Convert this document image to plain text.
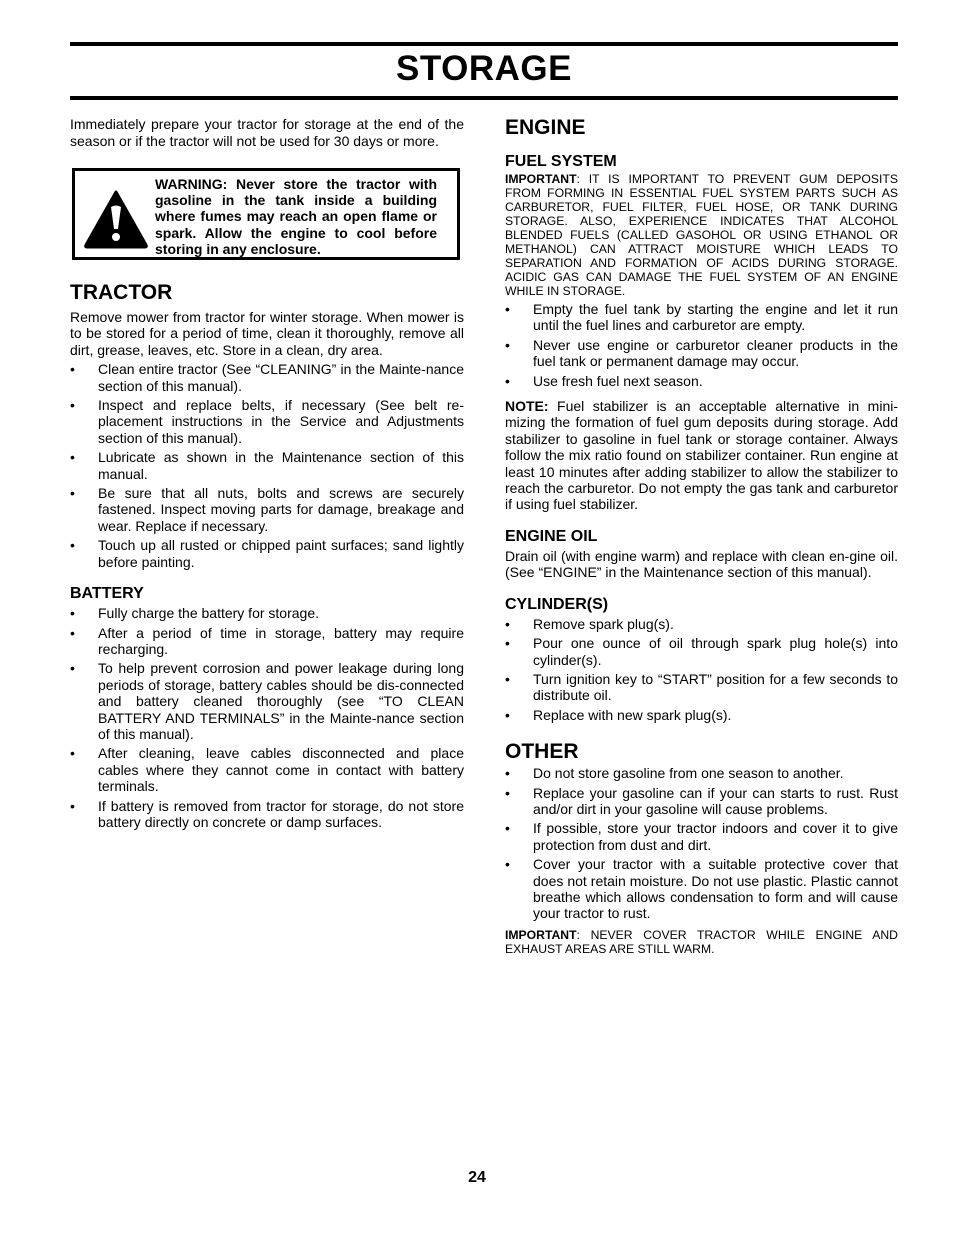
STORAGE

Immediately prepare your tractor for storage at the end of the season or if the tractor will not be used for 30 days or more.

WARNING: Never store the tractor with gasoline in the tank inside a building where fumes may reach an open flame or spark. Allow the engine to cool before storing in any enclosure.
TRACTOR

Remove mower from tractor for winter storage. When mower is to be stored for a period of time, clean it thoroughly, remove all dirt, grease, leaves, etc. Store in a clean, dry area.

•	Clean entire tractor (See “CLEANING” in the Mainte-nance section of this manual).
•	Inspect and replace belts, if necessary (See belt re-placement instructions in the Service and Adjustments section of this manual).
•	Lubricate as shown in the Maintenance section of this manual.
•	Be sure that all nuts, bolts and screws are securely fastened. Inspect moving parts for damage, breakage and wear. Replace if necessary.
•	Touch up all rusted or chipped paint surfaces; sand lightly before painting.
BATTERY
•	Fully charge the battery for storage.
•	After a period of time in storage, battery may require recharging.
•	To help prevent corrosion and power leakage during long periods of storage, battery cables should be dis-connected and battery cleaned thoroughly (see “TO CLEAN BATTERY AND TERMINALS” in the Mainte-nance section of this manual).
•	After cleaning, leave cables disconnected and place cables where they cannot come in contact with battery terminals.
•	If battery is removed from tractor for storage, do not store battery directly on concrete or damp surfaces.
ENGINE
FUEL SYSTEM

IMPORTANT: IT IS IMPORTANT TO PREVENT GUM DEPOSITS FROM FORMING IN ESSENTIAL FUEL SYSTEM PARTS SUCH AS CARBURETOR, FUEL FILTER, FUEL HOSE, OR TANK DURING STORAGE. ALSO, EXPERIENCE INDICATES THAT ALCOHOL BLENDED FUELS (CALLED GASOHOL OR USING ETHANOL OR METHANOL) CAN ATTRACT MOISTURE WHICH LEADS TO SEPARATION AND FORMATION OF ACIDS DURING STORAGE. ACIDIC GAS CAN DAMAGE THE FUEL SYSTEM OF AN ENGINE WHILE IN STORAGE.

•	Empty the fuel tank by starting the engine and let it run until the fuel lines and carburetor are empty.
•	Never use engine or carburetor cleaner products in the fuel tank or permanent damage may occur.
•	Use fresh fuel next season.

NOTE: Fuel stabilizer is an acceptable alternative in mini-mizing the formation of fuel gum deposits during storage. Add stabilizer to gasoline in fuel tank or storage container. Always follow the mix ratio found on stabilizer container. Run engine at least 10 minutes after adding stabilizer to allow the stabilizer to reach the carburetor. Do not empty the gas tank and carburetor if using fuel stabilizer.

ENGINE OIL

Drain oil (with engine warm) and replace with clean en-gine oil. (See “ENGINE” in the Maintenance section of this manual).

CYLINDER(S)
•	Remove spark plug(s).
•	Pour one ounce of oil through spark plug hole(s) into cylinder(s).
•	Turn ignition key to “START” position for a few seconds to distribute oil.
•	Replace with new spark plug(s).
OTHER
•	Do not store gasoline from one season to another.
•	Replace your gasoline can if your can starts to rust. Rust and/or dirt in your gasoline will cause problems.
•	If possible, store your tractor indoors and cover it to give protection from dust and dirt.
•	Cover your tractor with a suitable protective cover that does not retain moisture. Do not use plastic. Plastic cannot breathe which allows condensation to form and will cause your tractor to rust.

IMPORTANT: NEVER COVER TRACTOR WHILE ENGINE AND EXHAUST AREAS ARE STILL WARM.

24
